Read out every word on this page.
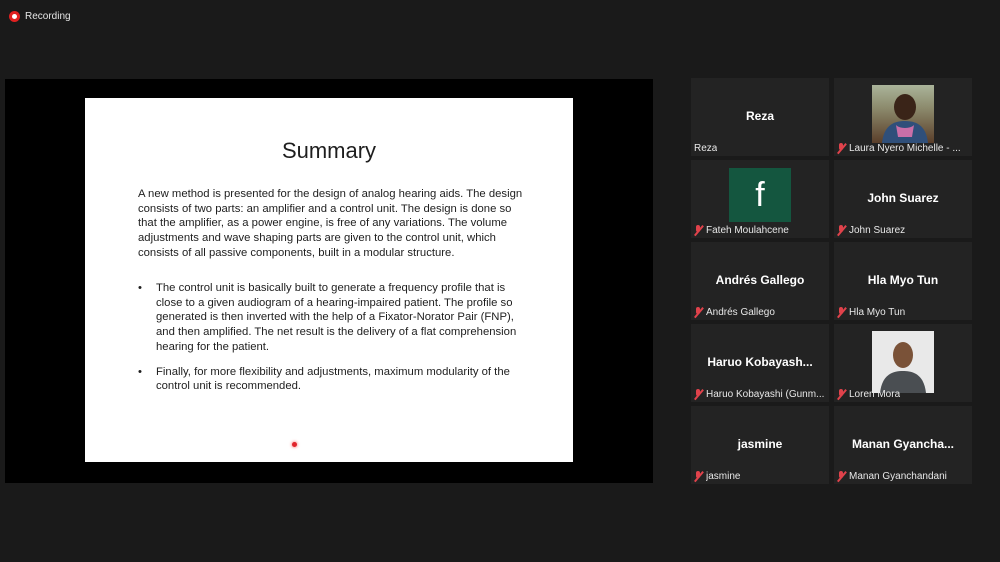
Recording
Summary

A new method is presented for the design of analog hearing aids. The design consists of two parts: an amplifier and a control unit. The design is done so that the amplifier, as a power engine, is free of any variations. The volume adjustments and wave shaping parts are given to the control unit, which consists of all passive components, built in a modular structure.

• The control unit is basically built to generate a frequency profile that is close to a given audiogram of a hearing-impaired patient. The profile so generated is then inverted with the help of a Fixator-Norator Pair (FNP), and then amplified. The net result is the delivery of a flat comprehension hearing for the patient.
• Finally, for more flexibility and adjustments, maximum modularity of the control unit is recommended.
Reza
Reza	Laura Nyero Michelle - ...
f
Fateh Moulahcene
John Suarez
John Suarez
Andrés Gallego
Andrés Gallego
Hla Myo Tun
Hla Myo Tun
Haruo Kobayash...
Haruo Kobayashi (Gunm... Loren Mora
jasmine
jasmine
Manan Gyancha...
Manan Gyanchandani
